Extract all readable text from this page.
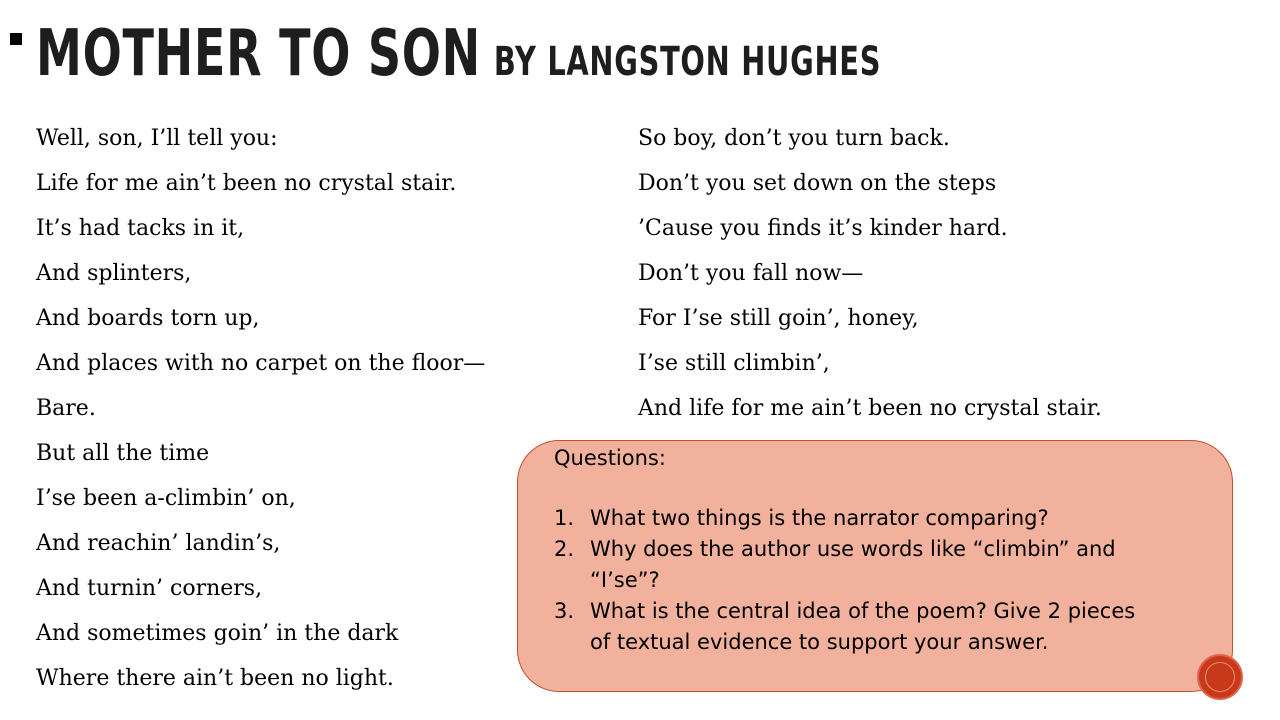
MOTHER TO SON BY LANGSTON HUGHES
Well, son, I’ll tell you:
Life for me ain’t been no crystal stair.
It’s had tacks in it,
And splinters,
And boards torn up,
And places with no carpet on the floor—
Bare.
But all the time
I’se been a-climbin’ on,
And reachin’ landin’s,
And turnin’ corners,
And sometimes goin’ in the dark
Where there ain’t been no light.
So boy, don’t you turn back.
Don’t you set down on the steps
’Cause you finds it’s kinder hard.
Don’t you fall now—
For I’se still goin’, honey,
I’se still climbin’,
And life for me ain’t been no crystal stair.
Questions:
1. What two things is the narrator comparing?
2. Why does the author use words like “climbin” and “I’se”?
3. What is the central idea of the poem? Give 2 pieces of textual evidence to support your answer.
